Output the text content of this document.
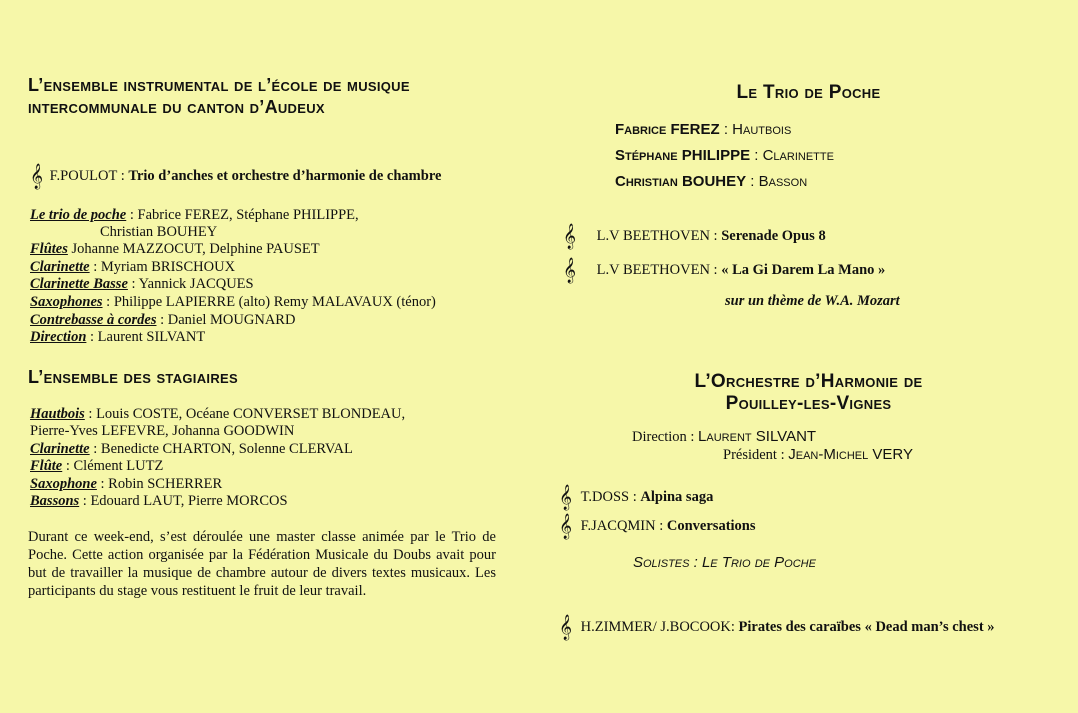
L’ensemble instrumental de l’école de musique intercommunale du canton d’Audeux
𝄞 F.POULOT : Trio d’anches et orchestre d’harmonie de chambre
Le trio de poche : Fabrice FEREZ, Stéphane PHILIPPE,
Christian BOUHEY
Flûtes Johanne MAZZOCUT, Delphine PAUSET
Clarinette : Myriam BRISCHOUX
Clarinette Basse : Yannick JACQUES
Saxophones : Philippe LAPIERRE (alto) Remy MALAVAUX (ténor)
Contrebasse à cordes : Daniel MOUGNARD
Direction : Laurent SILVANT
L’ensemble des stagiaires
Hautbois : Louis COSTE, Océane CONVERSET BLONDEAU,
Pierre-Yves LEFEVRE, Johanna GOODWIN
Clarinette : Benedicte CHARTON, Solenne CLERVAL
Flûte : Clément LUTZ
Saxophone : Robin SCHERRER
Bassons : Edouard LAUT, Pierre MORCOS
Durant ce week-end, s’est déroulée une master classe animée par le Trio de Poche. Cette action organisée par la Fédération Musicale du Doubs avait pour but de travailler la musique de chambre autour de divers textes musicaux. Les participants du stage vous restituent le fruit de leur travail.
Le Trio de Poche
Fabrice FEREZ : Hautbois
Stéphane PHILIPPE : Clarinette
Christian BOUHEY : Basson
𝄞 L.V BEETHOVEN : Serenade Opus 8
𝄞 L.V BEETHOVEN : « La Gi Darem La Mano »
sur un thème de W.A. Mozart
L’Orchestre d’Harmonie de
Pouilley-les-Vignes
Direction : Laurent SILVANT
Président : Jean-Michel VERY
𝄞 T.DOSS : Alpina saga
𝄞 F.JACQMIN : Conversations
Solistes : Le Trio de Poche
𝄞 H.ZIMMER/ J.BOCOOK: Pirates des caraïbes « Dead man’s chest »
